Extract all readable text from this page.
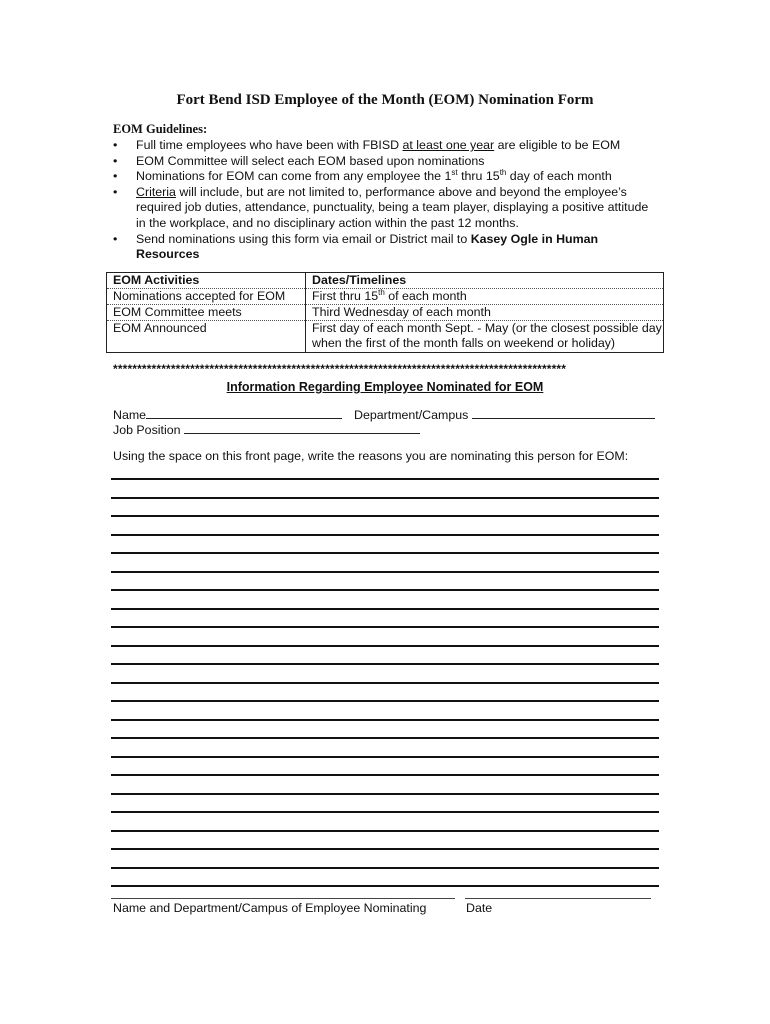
Fort Bend ISD Employee of the Month (EOM) Nomination Form
EOM Guidelines:
• Full time employees who have been with FBISD at least one year are eligible to be EOM
• EOM Committee will select each EOM based upon nominations
• Nominations for EOM can come from any employee the 1st thru 15th day of each month
• Criteria will include, but are not limited to, performance above and beyond the employee’s required job duties, attendance, punctuality, being a team player, displaying a positive attitude in the workplace, and no disciplinary action within the past 12 months.
• Send nominations using this form via email or District mail to Kasey Ogle in Human Resources
EOM Activities	Dates/Timelines
Nominations accepted for EOM	First thru 15th of each month
EOM Committee meets	Third Wednesday of each month
EOM Announced	First day of each month Sept. - May (or the closest possible day when the first of the month falls on weekend or holiday)
**********************************************************************************************
Information Regarding Employee Nominated for EOM
Name	Department/Campus
Job Position
Using the space on this front page, write the reasons you are nominating this person for EOM:
Name and Department/Campus of Employee Nominating	Date
